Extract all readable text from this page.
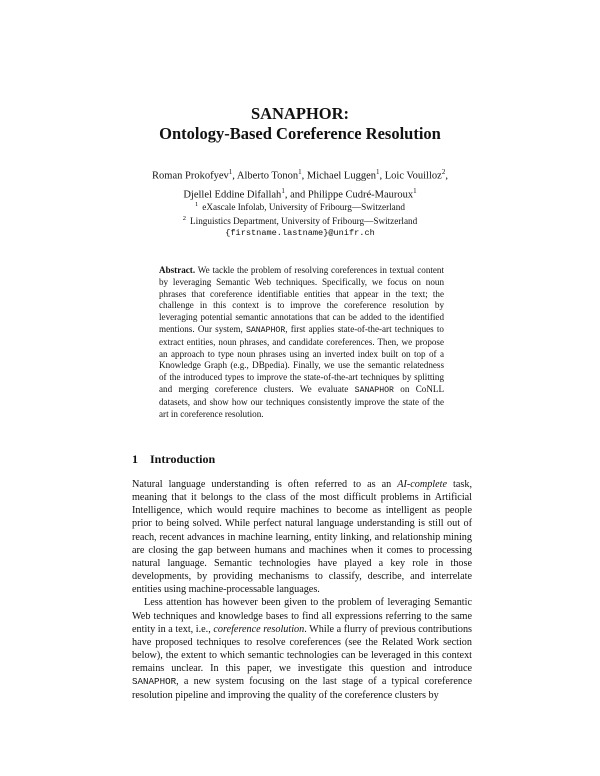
SANAPHOR:
Ontology-Based Coreference Resolution
Roman Prokofyev$^1$, Alberto Tonon$^1$, Michael Luggen$^1$, Loic Vouilloz$^2$,
Djellel Eddine Difallah$^1$, and Philippe Cudré-Mauroux$^1$
$^1$ eXascale Infolab, University of Fribourg—Switzerland
$^2$ Linguistics Department, University of Fribourg—Switzerland
{firstname.lastname}@unifr.ch
Abstract. We tackle the problem of resolving coreferences in textual content by leveraging Semantic Web techniques. Specifically, we focus on noun phrases that coreference identifiable entities that appear in the text; the challenge in this context is to improve the coreference resolution by leveraging potential semantic annotations that can be added to the identified mentions. Our system, SANAPHOR, first applies state-of-the-art techniques to extract entities, noun phrases, and candidate coreferences. Then, we propose an approach to type noun phrases using an inverted index built on top of a Knowledge Graph (e.g., DBpedia). Finally, we use the semantic relatedness of the introduced types to improve the state-of-the-art techniques by splitting and merging coreference clusters. We evaluate SANAPHOR on CoNLL datasets, and show how our techniques consistently improve the state of the art in coreference resolution.
1 Introduction

Natural language understanding is often referred to as an AI-complete task, meaning that it belongs to the class of the most difficult problems in Artificial Intelligence, which would require machines to become as intelligent as people prior to being solved. While perfect natural language understanding is still out of reach, recent advances in machine learning, entity linking, and relationship mining are closing the gap between humans and machines when it comes to processing natural language. Semantic technologies have played a key role in those developments, by providing mechanisms to classify, describe, and interrelate entities using machine-processable languages.

Less attention has however been given to the problem of leveraging Semantic Web techniques and knowledge bases to find all expressions referring to the same entity in a text, i.e., coreference resolution. While a flurry of previous contributions have proposed techniques to resolve coreferences (see the Related Work section below), the extent to which semantic technologies can be leveraged in this context remains unclear. In this paper, we investigate this question and introduce SANAPHOR, a new system focusing on the last stage of a typical coreference resolution pipeline and improving the quality of the coreference clusters by
